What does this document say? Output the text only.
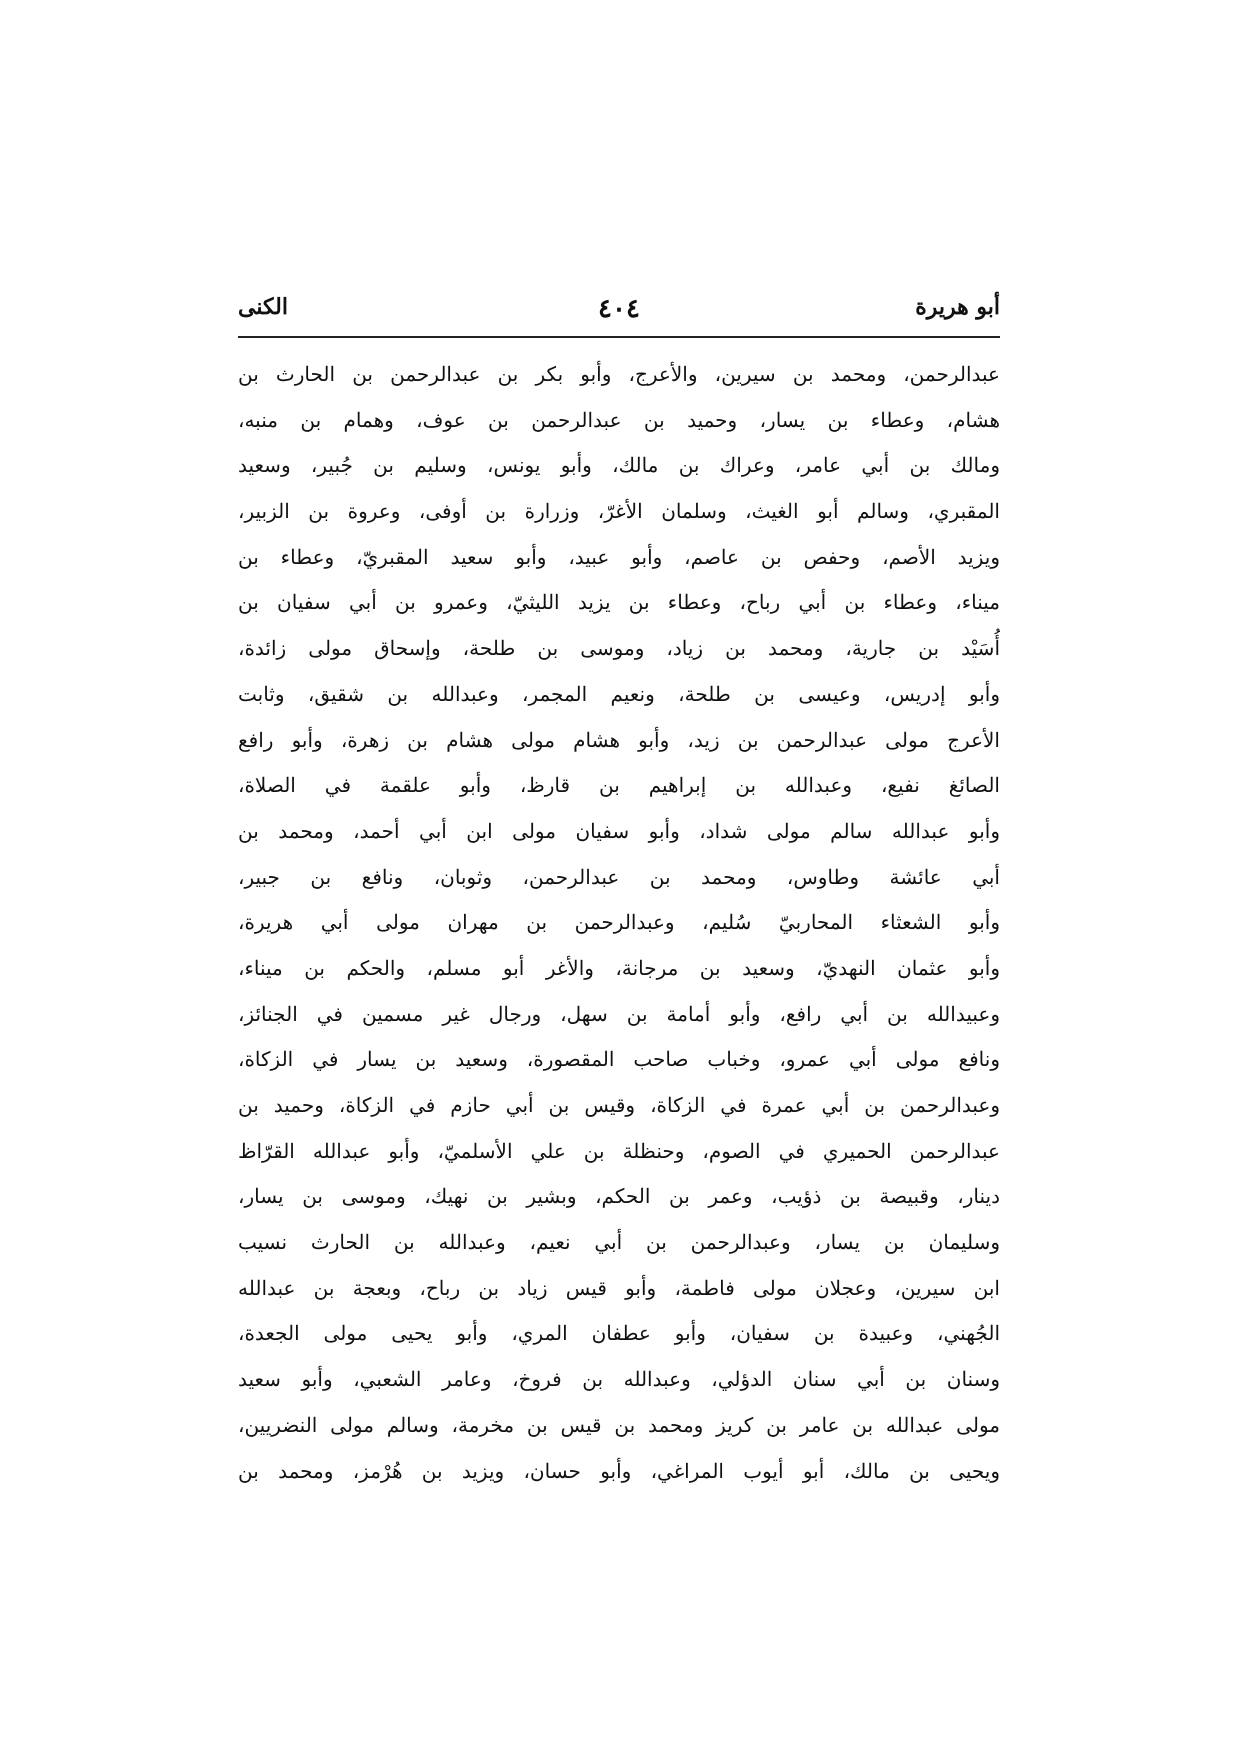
أبو هريرة
٤٠٤
الكنى
عبدالرحمن، ومحمد بن سيرين، والأعرج، وأبو بكر بن عبدالرحمن بن الحارث بن
هشام، وعطاء بن يسار، وحميد بن عبدالرحمن بن عوف، وهمام بن منبه،
ومالك بن أبي عامر، وعراك بن مالك، وأبو يونس، وسليم بن جُبير، وسعيد
المقبري، وسالم أبو الغيث، وسلمان الأغرّ، وزرارة بن أوفى، وعروة بن الزبير،
ويزيد الأصم، وحفص بن عاصم، وأبو عبيد، وأبو سعيد المقبريّ، وعطاء بن
ميناء، وعطاء بن أبي رباح، وعطاء بن يزيد الليثيّ، وعمرو بن أبي سفيان بن
أُسَيْد بن جارية، ومحمد بن زياد، وموسى بن طلحة، وإسحاق مولى زائدة،
وأبو إدريس، وعيسى بن طلحة، ونعيم المجمر، وعبدالله بن شقيق، وثابت
الأعرج مولى عبدالرحمن بن زيد، وأبو هشام مولى هشام بن زهرة، وأبو رافع
الصائغ نفيع، وعبدالله بن إبراهيم بن قارظ، وأبو علقمة في الصلاة،
وأبو عبدالله سالم مولى شداد، وأبو سفيان مولى ابن أبي أحمد، ومحمد بن
أبي عائشة وطاوس، ومحمد بن عبدالرحمن، وثوبان، ونافع بن جبير،
وأبو الشعثاء المحاربيّ سُليم، وعبدالرحمن بن مهران مولى أبي هريرة،
وأبو عثمان النهديّ، وسعيد بن مرجانة، والأغر أبو مسلم، والحكم بن ميناء،
وعبيدالله بن أبي رافع، وأبو أمامة بن سهل، ورجال غير مسمين في الجنائز،
ونافع مولى أبي عمرو، وخباب صاحب المقصورة، وسعيد بن يسار في الزكاة،
وعبدالرحمن بن أبي عمرة في الزكاة، وقيس بن أبي حازم في الزكاة، وحميد بن
عبدالرحمن الحميري في الصوم، وحنظلة بن علي الأسلميّ، وأبو عبدالله القرّاظ
دينار، وقبيصة بن ذؤيب، وعمر بن الحكم، وبشير بن نهيك، وموسى بن يسار،
وسليمان بن يسار، وعبدالرحمن بن أبي نعيم، وعبدالله بن الحارث نسيب
ابن سيرين، وعجلان مولى فاطمة، وأبو قيس زياد بن رباح، وبعجة بن عبدالله
الجُهني، وعبيدة بن سفيان، وأبو عطفان المري، وأبو يحيى مولى الجعدة،
وسنان بن أبي سنان الدؤلي، وعبدالله بن فروخ، وعامر الشعبي، وأبو سعيد
مولى عبدالله بن عامر بن كريز ومحمد بن قيس بن مخرمة، وسالم مولى النضريين،
ويحيى بن مالك، أبو أيوب المراغي، وأبو حسان، ويزيد بن هُرْمز، ومحمد بن
